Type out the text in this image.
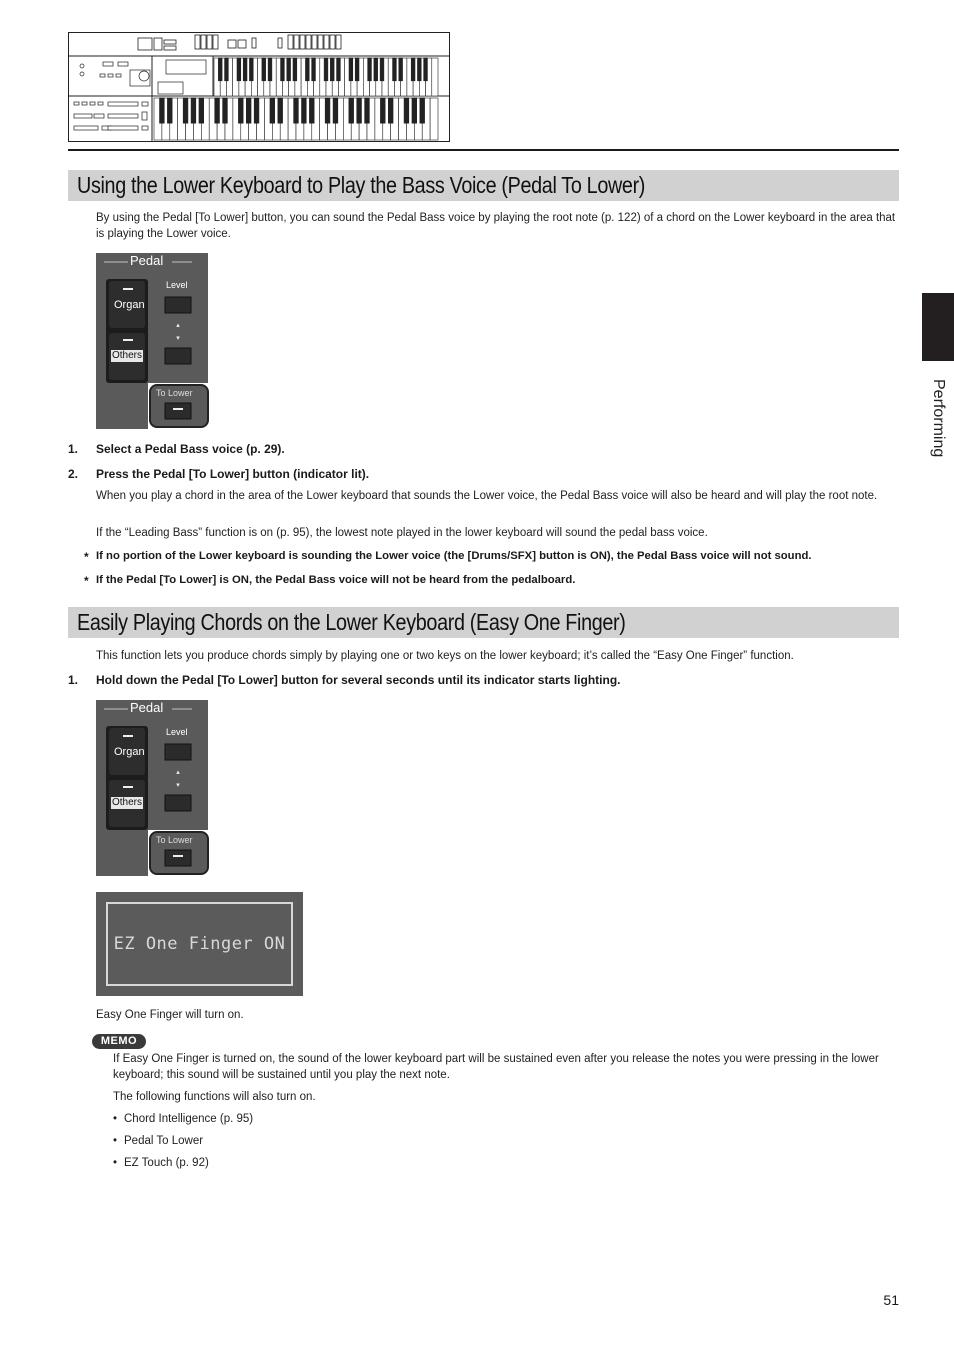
Using the Lower Keyboard to Play the Bass Voice (Pedal To Lower)
By using the Pedal [To Lower] button, you can sound the Pedal Bass voice by playing the root note (p. 122) of a chord on the Lower keyboard in the area that is playing the Lower voice.
▴
▾
Pedal
Organ
Others
Level
To Lower
1. Select a Pedal Bass voice (p. 29).
2. Press the Pedal [To Lower] button (indicator lit).
When you play a chord in the area of the Lower keyboard that sounds the Lower voice, the Pedal Bass voice will also be heard and will play the root note.
If the “Leading Bass” function is on (p. 95), the lowest note played in the lower keyboard will sound the pedal bass voice.
* If no portion of the Lower keyboard is sounding the Lower voice (the [Drums/SFX] button is ON), the Pedal Bass voice will not sound.
* If the Pedal [To Lower] is ON, the Pedal Bass voice will not be heard from the pedalboard.
Easily Playing Chords on the Lower Keyboard (Easy One Finger)
This function lets you produce chords simply by playing one or two keys on the lower keyboard; it’s called the “Easy One Finger” function.
1. Hold down the Pedal [To Lower] button for several seconds until its indicator starts lighting.
▴
▾
Pedal
Organ
Others
Level
To Lower
EZ One Finger ON
Easy One Finger will turn on.
MEMO
If Easy One Finger is turned on, the sound of the lower keyboard part will be sustained even after you release the notes you were pressing in the lower keyboard; this sound will be sustained until you play the next note.
The following functions will also turn on.
• Chord Intelligence (p. 95)
• Pedal To Lower
• EZ Touch (p. 92)
Performing
51
